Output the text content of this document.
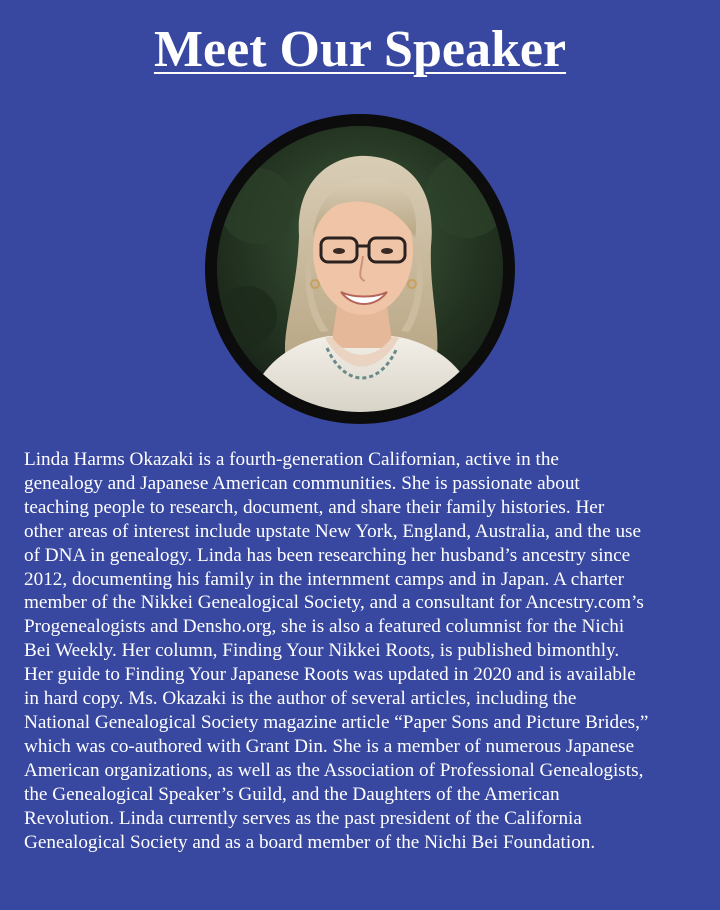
Meet Our Speaker
Linda Harms Okazaki is a fourth-generation Californian, active in the
genealogy and Japanese American communities. She is passionate about
teaching people to research, document, and share their family histories. Her
other areas of interest include upstate New York, England, Australia, and the use
of DNA in genealogy. Linda has been researching her husband’s ancestry since
2012, documenting his family in the internment camps and in Japan. A charter
member of the Nikkei Genealogical Society, and a consultant for Ancestry.com’s
Progenealogists and Densho.org, she is also a featured columnist for the Nichi
Bei Weekly. Her column, Finding Your Nikkei Roots, is published bimonthly.
Her guide to Finding Your Japanese Roots was updated in 2020 and is available
in hard copy. Ms. Okazaki is the author of several articles, including the
National Genealogical Society magazine article “Paper Sons and Picture Brides,”
which was co-authored with Grant Din. She is a member of numerous Japanese
American organizations, as well as the Association of Professional Genealogists,
the Genealogical Speaker’s Guild, and the Daughters of the American
Revolution. Linda currently serves as the past president of the California
Genealogical Society and as a board member of the Nichi Bei Foundation.
